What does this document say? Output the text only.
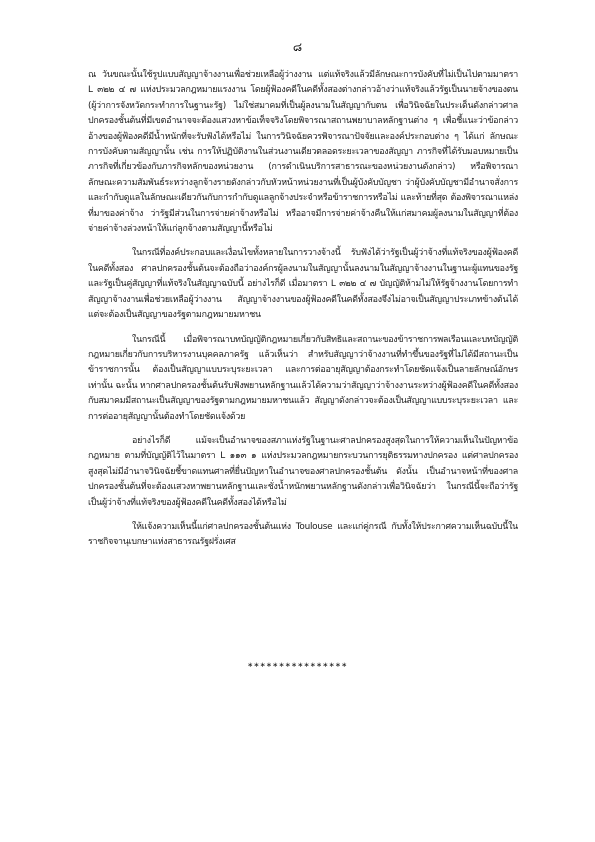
๘

ณ วันขณะนั้นใช้รูปแบบสัญญาจ้างงานเพื่อช่วยเหลือผู้ว่างงาน แต่แท้จริงแล้วมีลักษณะการบังคับที่ไม่เป็นไปตามมาตรา L ๓๒๒ ๔ ๗ แห่งประมวลกฎหมายแรงงาน โดยผู้ฟ้องคดีในคดีทั้งสองต่างกล่าวอ้างว่าแท้จริงแล้วรัฐเป็นนายจ้างของตน (ผู้ว่าการจังหวัดกระทำการในฐานะรัฐ) ไม่ใช่สมาคมที่เป็นผู้ลงนามในสัญญากับตน เพื่อวินิจฉัยในประเด็นดังกล่าวศาลปกครองชั้นต้นที่มีเขตอำนาจจะต้องแสวงหาข้อเท็จจริงโดยพิจารณาสถานพยาบาลหลักฐานต่าง ๆ เพื่อชี้แนะว่าข้อกล่าวอ้างของผู้ฟ้องคดีมีน้ำหนักที่จะรับฟังได้หรือไม่ ในการวินิจฉัยควรพิจารณาปัจจัยและองค์ประกอบต่าง ๆ ได้แก่ ลักษณะการบังคับตามสัญญานั้น เช่น การให้ปฏิบัติงานในส่วนงานเดียวตลอดระยะเวลาของสัญญา ภารกิจที่ได้รับมอบหมายเป็นภารกิจที่เกี่ยวข้องกับภารกิจหลักของหน่วยงาน (การดำเนินบริการสาธารณะของหน่วยงานดังกล่าว) หรือพิจารณาลักษณะความสัมพันธ์ระหว่างลูกจ้างรายดังกล่าวกับหัวหน้าหน่วยงานที่เป็นผู้บังคับบัญชา ว่าผู้บังคับบัญชามีอำนาจสั่งการและกำกับดูแลในลักษณะเดียวกันกับการกำกับดูแลลูกจ้างประจำหรือข้าราชการหรือไม่ และท้ายที่สุด ต้องพิจารณาแหล่งที่มาของค่าจ้าง ว่ารัฐมีส่วนในการจ่ายค่าจ้างหรือไม่ หรืออาจมีการจ่ายค่าจ้างคืนให้แก่สมาคมผู้ลงนามในสัญญาที่ต้องจ่ายค่าจ้างล่วงหน้าให้แก่ลูกจ้างตามสัญญานี้หรือไม่

ในกรณีที่องค์ประกอบและเงื่อนไขทั้งหลายในการวางจ้างนี้ รับฟังได้ว่ารัฐเป็นผู้ว่าจ้างที่แท้จริงของผู้ฟ้องคดีในคดีทั้งสอง ศาลปกครองชั้นต้นจะต้องถือว่าองค์กรผู้ลงนามในสัญญานั้นลงนามในสัญญาจ้างงานในฐานะผู้แทนของรัฐ และรัฐเป็นคู่สัญญาที่แท้จริงในสัญญาฉบับนี้ อย่างไรก็ดี เมื่อมาตรา L ๓๒๒ ๔ ๗ บัญญัติห้ามไม่ให้รัฐจ้างงานโดยการทำสัญญาจ้างงานเพื่อช่วยเหลือผู้ว่างงาน สัญญาจ้างงานของผู้ฟ้องคดีในคดีทั้งสองจึงไม่อาจเป็นสัญญาประเภทข้างต้นได้ แต่จะต้องเป็นสัญญาของรัฐตามกฎหมายมหาชน

ในกรณีนี้ เมื่อพิจารณาบทบัญญัติกฎหมายเกี่ยวกับสิทธิและสถานะของข้าราชการพลเรือนและบทบัญญัติกฎหมายเกี่ยวกับการบริหารงานบุคคลภาครัฐ แล้วเห็นว่า สำหรับสัญญาว่าจ้างงานที่ทำขึ้นของรัฐที่ไม่ได้มีสถานะเป็นข้าราชการนั้น ต้องเป็นสัญญาแบบระบุระยะเวลา และการต่ออายุสัญญาต้องกระทำโดยชัดแจ้งเป็นลายลักษณ์อักษรเท่านั้น ฉะนั้น หากศาลปกครองชั้นต้นรับฟังพยานหลักฐานแล้วได้ความว่าสัญญาว่าจ้างงานระหว่างผู้ฟ้องคดีในคดีทั้งสองกับสมาคมมีสถานะเป็นสัญญาของรัฐตามกฎหมายมหาชนแล้ว สัญญาดังกล่าวจะต้องเป็นสัญญาแบบระบุระยะเวลา และการต่ออายุสัญญานั้นต้องทำโดยชัดแจ้งด้วย

อย่างไรก็ดี แม้จะเป็นอำนาจของสภาแห่งรัฐในฐานะศาลปกครองสูงสุดในการให้ความเห็นในปัญหาข้อกฎหมาย ตามที่บัญญัติไว้ในมาตรา L ๑๑๓ ๑ แห่งประมวลกฎหมายกระบวนการยุติธรรมทางปกครอง แต่ศาลปกครองสูงสุดไม่มีอำนาจวินิจฉัยชี้ขาดแทนศาลที่ยื่นปัญหาในอำนาจของศาลปกครองชั้นต้น ดังนั้น เป็นอำนาจหน้าที่ของศาลปกครองชั้นต้นที่จะต้องแสวงหาพยานหลักฐานและชั่งน้ำหนักพยานหลักฐานดังกล่าวเพื่อวินิจฉัยว่า ในกรณีนี้จะถือว่ารัฐเป็นผู้ว่าจ้างที่แท้จริงของผู้ฟ้องคดีในคดีทั้งสองได้หรือไม่

ให้แจ้งความเห็นนี้แก่ศาลปกครองชั้นต้นแห่ง Toulouse และแก่คู่กรณี กับทั้งให้ประกาศความเห็นฉบับนี้ในราชกิจจานุเบกษาแห่งสาธารณรัฐฝรั่งเศส

∗∗∗∗∗∗∗∗∗∗∗∗∗∗∗∗
